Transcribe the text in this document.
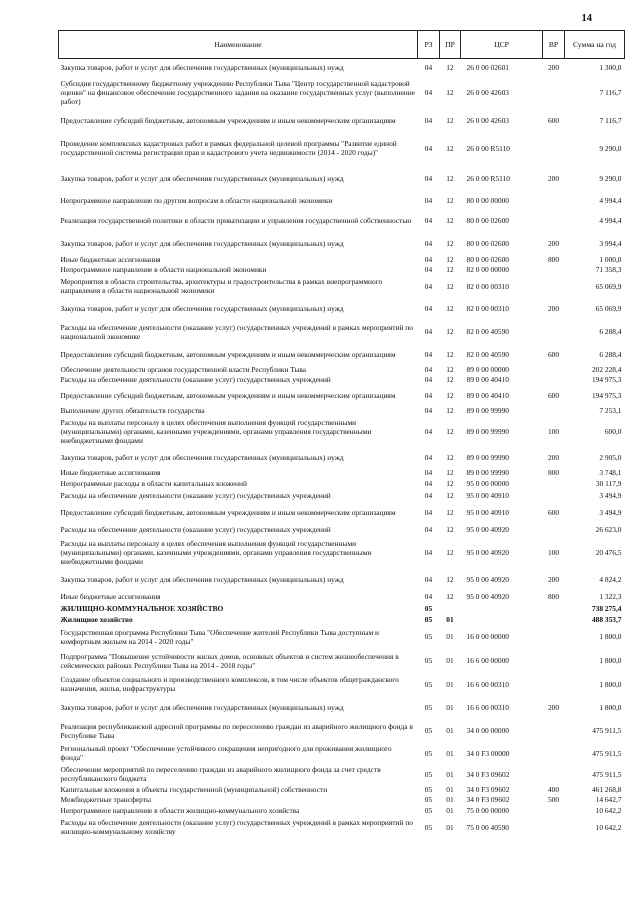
14
Наименование	РЗ	ПР	ЦСР	ВР	Сумма на год
Закупка товаров, работ и услуг для обеспечения государственных (муниципальных) нужд	04	12	26 0 00 02601	200	1 300,0
Субсидия государственному бюджетному учреждению Республики Тыва "Центр государственной кадастровой оценки" на финансовое обеспечение государственного задания на оказание государственных услуг (выполнение работ)	04	12	26 0 00 42603		7 116,7
Предоставление субсидий бюджетным, автономным учреждениям и иным некоммерческим организациям	04	12	26 0 00 42603	600	7 116,7
Проведение комплексных кадастровых работ в рамках федеральной целевой программы "Развитие единой государственной системы регистрации прав и кадастрового учета недвижимости (2014 - 2020 годы)"	04	12	26 0 00 R5110		9 290,0
Закупка товаров, работ и услуг для обеспечения государственных (муниципальных) нужд	04	12	26 0 00 R5110	200	9 290,0
Непрограммное направление по другим вопросам в области национальной экономики	04	12	80 0 00 00000		4 994,4
Реализация государственной политики в области приватизации и управления государственной собственностью	04	12	80 0 00 02600		4 994,4
Закупка товаров, работ и услуг для обеспечения государственных (муниципальных) нужд	04	12	80 0 00 02600	200	3 994,4
Иные бюджетные ассигнования	04	12	80 0 00 02600	800	1 000,0
Непрограммное направление в области национальной экономики	04	12	82 0 00 00000		71 358,3
Мероприятия в области строительства, архитектуры и градостроительства в рамках внепрограммного направления в области национальной экономики	04	12	82 0 00 00310		65 069,9
Закупка товаров, работ и услуг для обеспечения государственных (муниципальных) нужд	04	12	82 0 00 00310	200	65 069,9
Расходы на обеспечение деятельности (оказание услуг) государственных учреждений в рамках мероприятий по национальной экономике	04	12	82 0 00 40590		6 288,4
Предоставление субсидий бюджетным, автономным учреждениям и иным некоммерческим организациям	04	12	82 0 00 40590	600	6 288,4
Обеспечение деятельности органов государственной власти Республики Тыва	04	12	89 0 00 00000		202 228,4
Расходы на обеспечение деятельности (оказание услуг) государственных учреждений	04	12	89 0 00 40410		194 975,3
Предоставление субсидий бюджетным, автономным учреждениям и иным некоммерческим организациям	04	12	89 0 00 40410	600	194 975,3
Выполнение других обязательств государства	04	12	89 0 00 99990		7 253,1
Расходы на выплаты персоналу в целях обеспечения выполнения функций государственными (муниципальными) органами, казенными учреждениями, органами управления государственными внебюджетными фондами	04	12	89 0 00 99990	100	600,0
Закупка товаров, работ и услуг для обеспечения государственных (муниципальных) нужд	04	12	89 0 00 99990	200	2 905,0
Иные бюджетные ассигнования	04	12	89 0 00 99990	800	3 748,1
Непрограммные расходы в области капитальных вложений	04	12	95 0 00 00000		30 117,9
Расходы на обеспечение деятельности (оказание услуг) государственных учреждений	04	12	95 0 00 40910		3 494,9
Предоставление субсидий бюджетным, автономным учреждениям и иным некоммерческим организациям	04	12	95 0 00 40910	600	3 494,9
Расходы на обеспечение деятельности (оказание услуг) государственных учреждений	04	12	95 0 00 40920		26 623,0
Расходы на выплаты персоналу в целях обеспечения выполнения функций государственными (муниципальными) органами, казенными учреждениями, органами управления государственными внебюджетными фондами	04	12	95 0 00 40920	100	20 476,5
Закупка товаров, работ и услуг для обеспечения государственных (муниципальных) нужд	04	12	95 0 00 40920	200	4 824,2
Иные бюджетные ассигнования	04	12	95 0 00 40920	800	1 322,3
ЖИЛИЩНО-КОММУНАЛЬНОЕ ХОЗЯЙСТВО	05				738 275,4
Жилищное хозяйство	05	01			488 353,7
Государственная программа Республики Тыва "Обеспечение жителей Республики Тыва доступным и комфортным жильем на 2014 - 2020 годы"	05	01	16 0 00 00000		1 800,0
Подпрограмма "Повышение устойчивости жилых домов, основных объектов и систем жизнеобеспечения в сейсмических районах Республики Тыва на 2014 - 2018 годы"	05	01	16 6 00 00000		1 800,0
Создание объектов социального и производственного комплексов, в том числе объектов общегражданского назначения, жилья, инфраструктуры	05	01	16 6 00 00310		1 800,0
Закупка товаров, работ и услуг для обеспечения государственных (муниципальных) нужд	05	01	16 6 00 00310	200	1 800,0
Реализация республиканской адресной программы по переселению граждан из аварийного жилищного фонда в Республике Тыва	05	01	34 0 00 00000		475 911,5
Региональный проект "Обеспечение устойчивого сокращения непригодного для проживания жилищного фонда"	05	01	34 0 F3 00000		475 911,5
Обеспечение мероприятий по переселению граждан из аварийного жилищного фонда за счет средств республиканского бюджета	05	01	34 0 F3 09602		475 911,5
Капитальные вложения в объекты государственной (муниципальной) собственности	05	01	34 0 F3 09602	400	461 268,8
Межбюджетные трансферты	05	01	34 0 F3 09602	500	14 642,7
Непрограммное направление в области жилищно-коммунального хозяйства	05	01	75 0 00 00000		10 642,2
Расходы на обеспечение деятельности (оказание услуг) государственных учреждений в рамках мероприятий по жилищно-коммунальному хозяйству	05	01	75 0 00 40590		10 642,2
